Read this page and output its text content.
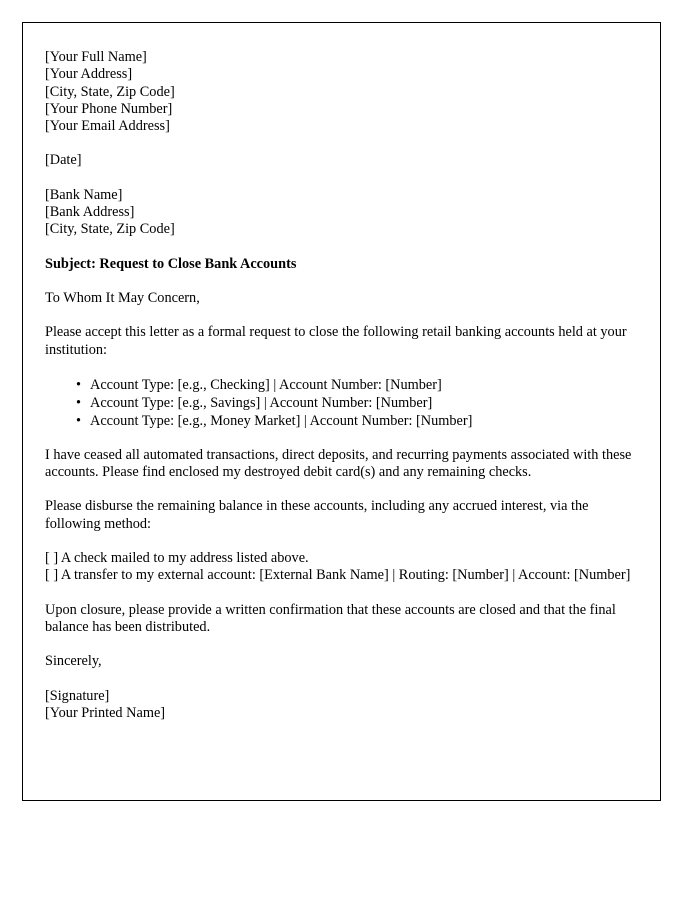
[Your Full Name]
[Your Address]
[City, State, Zip Code]
[Your Phone Number]
[Your Email Address]
[Date]
[Bank Name]
[Bank Address]
[City, State, Zip Code]
Subject: Request to Close Bank Accounts
To Whom It May Concern,
Please accept this letter as a formal request to close the following retail banking accounts held at your institution:
• Account Type: [e.g., Checking] | Account Number: [Number]
• Account Type: [e.g., Savings] | Account Number: [Number]
• Account Type: [e.g., Money Market] | Account Number: [Number]
I have ceased all automated transactions, direct deposits, and recurring payments associated with these accounts. Please find enclosed my destroyed debit card(s) and any remaining checks.
Please disburse the remaining balance in these accounts, including any accrued interest, via the following method:
[ ] A check mailed to my address listed above.
[ ] A transfer to my external account: [External Bank Name] | Routing: [Number] | Account: [Number]
Upon closure, please provide a written confirmation that these accounts are closed and that the final balance has been distributed.
Sincerely,
[Signature]
[Your Printed Name]
